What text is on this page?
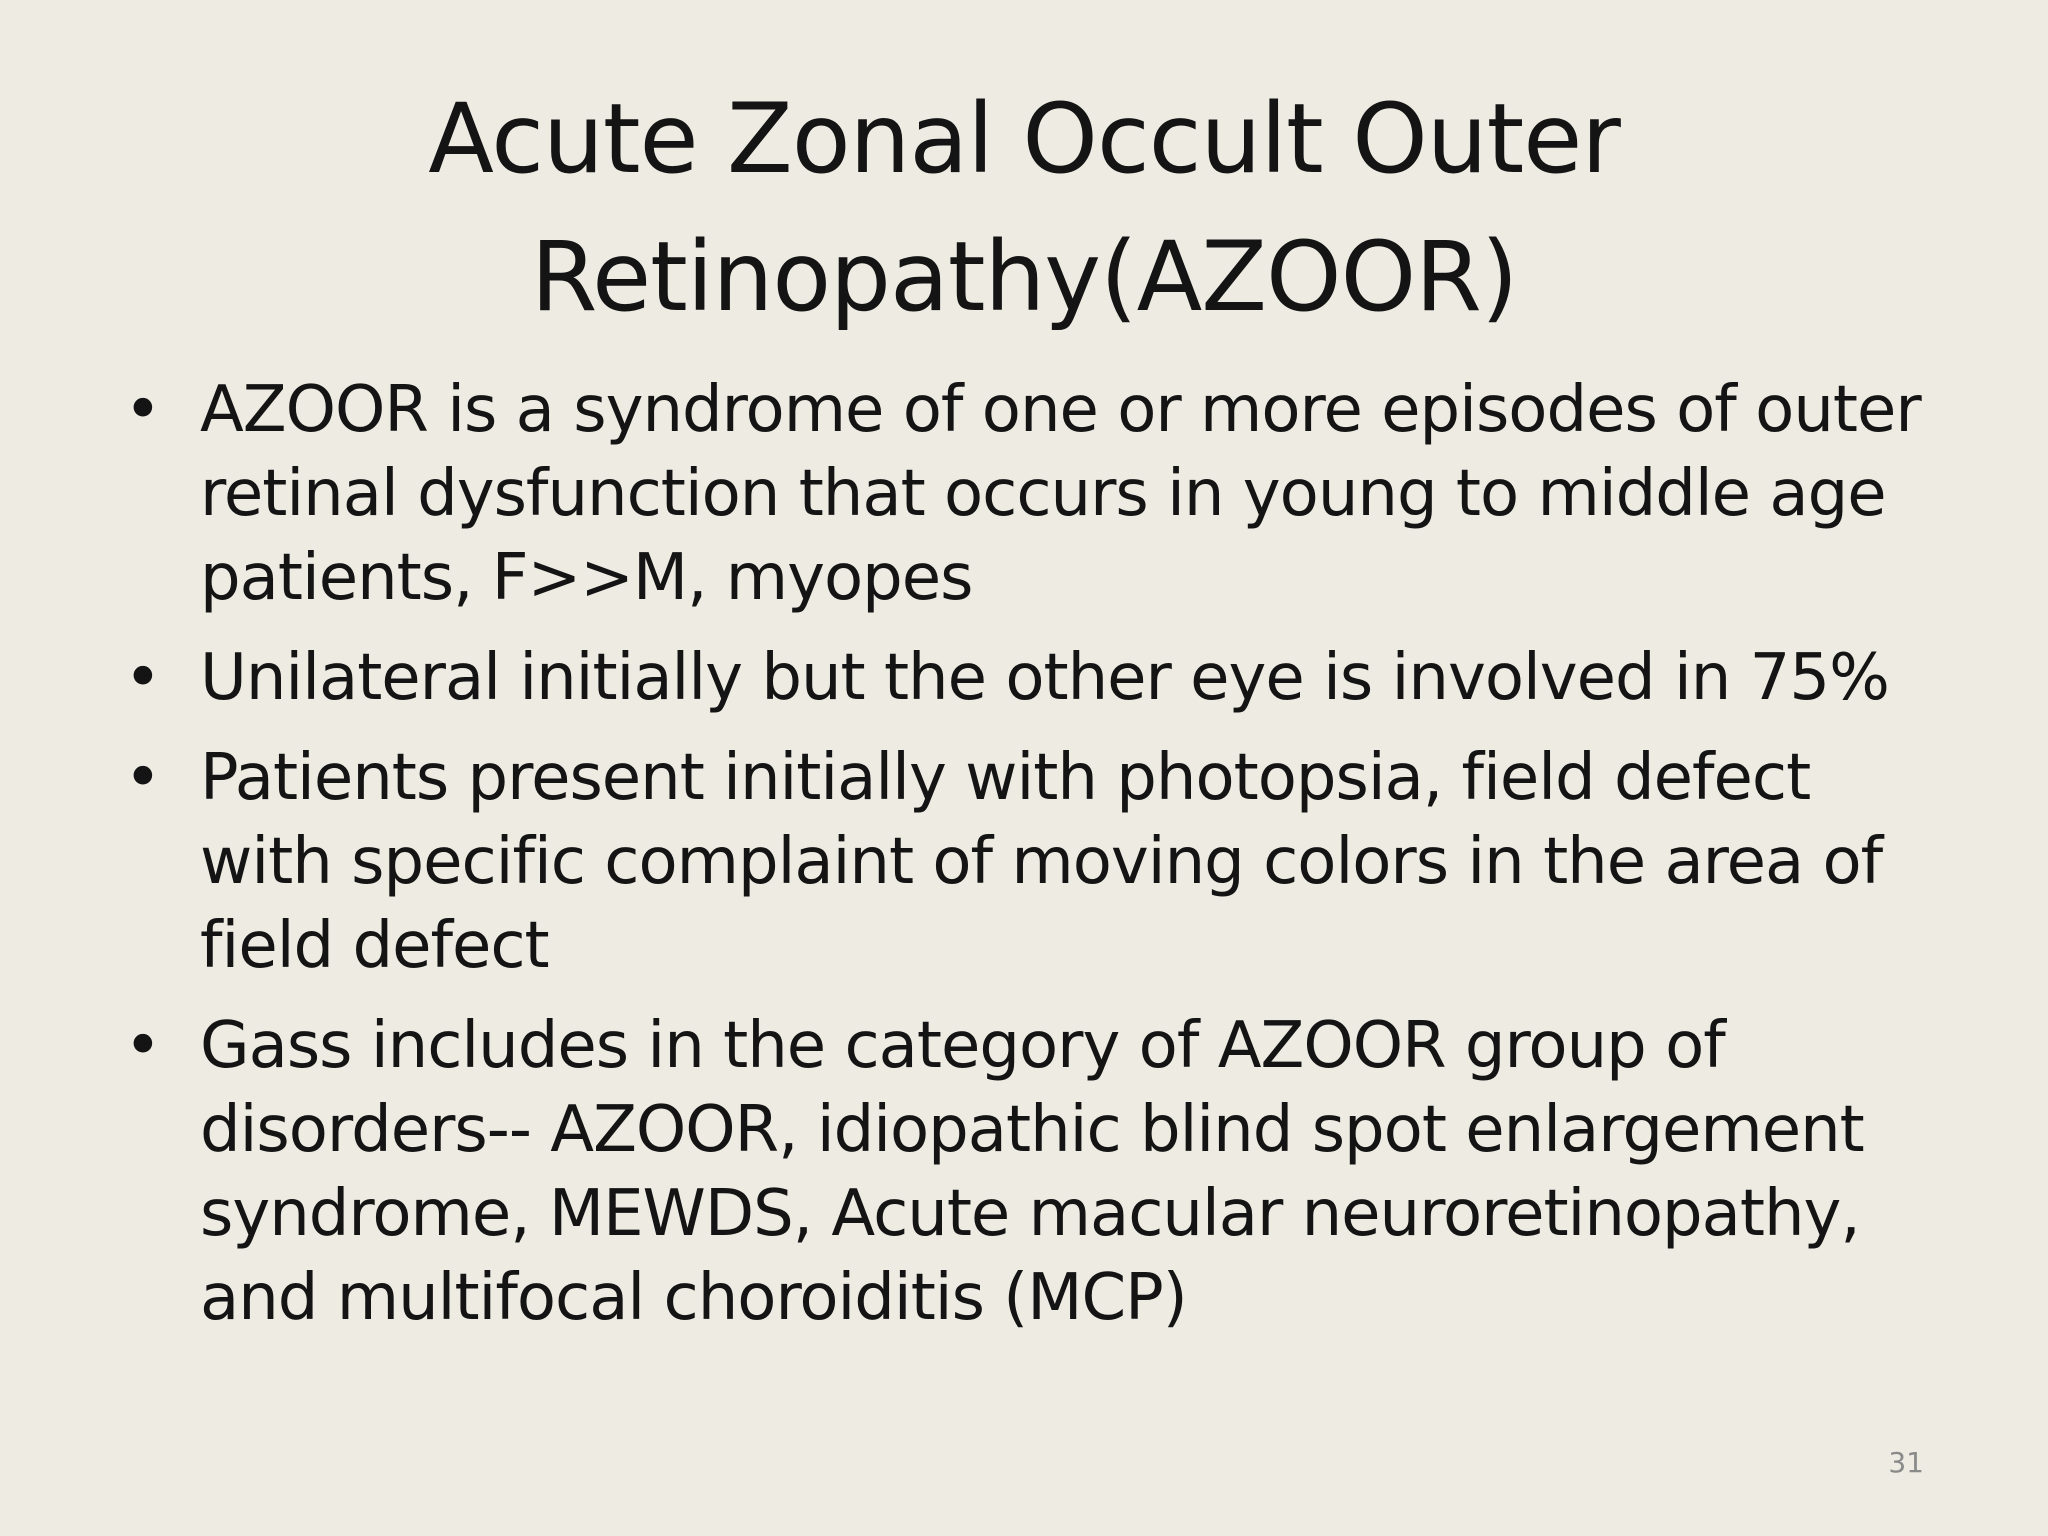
Acute Zonal Occult Outer
Retinopathy(AZOOR)
• AZOOR is a syndrome of one or more episodes of outer retinal dysfunction that occurs in young to middle age patients, F>>M, myopes
• Unilateral initially but the other eye is involved in 75%
• Patients present initially with photopsia, field defect with specific complaint of moving colors in the area of field defect
• Gass includes in the category of AZOOR group of disorders-- AZOOR, idiopathic blind spot enlargement syndrome, MEWDS, Acute macular neuroretinopathy, and multifocal choroiditis (MCP)
31
